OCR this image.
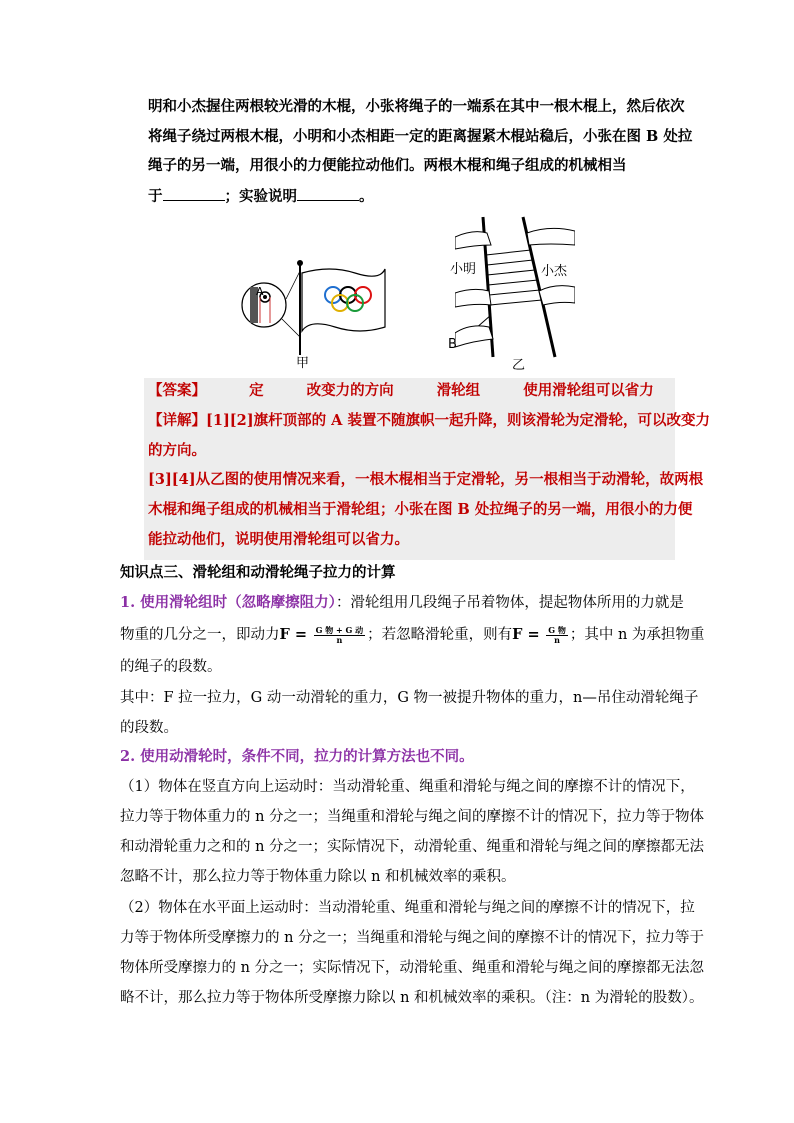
明和小杰握住两根较光滑的木棍，小张将绳子的一端系在其中一根木棍上，然后依次
将绳子绕过两根木棍，小明和小杰相距一定的距离握紧木棍站稳后，小张在图 B 处拉
绳子的另一端，用很小的力便能拉动他们。两根木棍和绳子组成的机械相当
于	；实验说明	。
A
甲
小明	小杰
B
乙
【答案】	定	改变力的方向	滑轮组	使用滑轮组可以省力
【详解】[1][2]旗杆顶部的 A 装置不随旗帜一起升降，则该滑轮为定滑轮，可以改变力
的方向。
[3][4]从乙图的使用情况来看，一根木棍相当于定滑轮，另一根相当于动滑轮，故两根
木棍和绳子组成的机械相当于滑轮组；小张在图 B 处拉绳子的另一端，用很小的力便
能拉动他们，说明使用滑轮组可以省力。
知识点三、滑轮组和动滑轮绳子拉力的计算
1. 使用滑轮组时（忽略摩擦阻力）：滑轮组用几段绳子吊着物体，提起物体所用的力就是
物重的几分之一，即动力$F = \frac{\text{G 物 + G 动}}{n}$ ；若忽略滑轮重，则有$F = \frac{\text{G 物}}{n}$ ；其中 n 为承担物重
的绳子的段数。
其中：F 拉一拉力，G 动一动滑轮的重力，G 物一被提升物体的重力，n—吊住动滑轮绳子
的段数。
2. 使用动滑轮时，条件不同，拉力的计算方法也不同。
（1）物体在竖直方向上运动时：当动滑轮重、绳重和滑轮与绳之间的摩擦不计的情况下，
拉力等于物体重力的 n 分之一；当绳重和滑轮与绳之间的摩擦不计的情况下，拉力等于物体
和动滑轮重力之和的 n 分之一；实际情况下，动滑轮重、绳重和滑轮与绳之间的摩擦都无法
忽略不计，那么拉力等于物体重力除以 n 和机械效率的乘积。
（2）物体在水平面上运动时：当动滑轮重、绳重和滑轮与绳之间的摩擦不计的情况下，拉
力等于物体所受摩擦力的 n 分之一；当绳重和滑轮与绳之间的摩擦不计的情况下，拉力等于
物体所受摩擦力的 n 分之一；实际情况下，动滑轮重、绳重和滑轮与绳之间的摩擦都无法忽
略不计，那么拉力等于物体所受摩擦力除以 n 和机械效率的乘积。（注：n 为滑轮的股数）。
